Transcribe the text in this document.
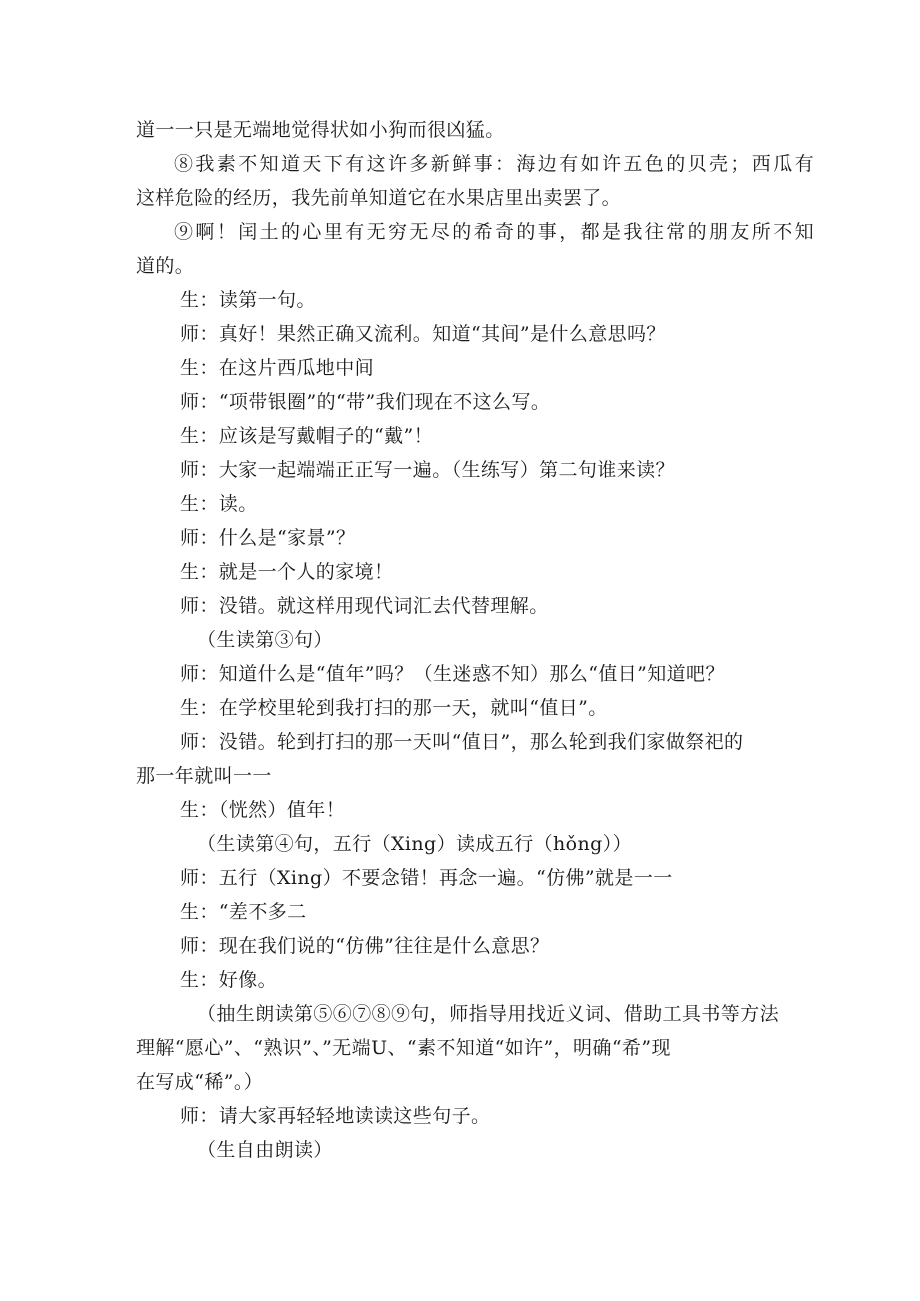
道一一只是无端地觉得状如小狗而很凶猛。
⑧我素不知道天下有这许多新鲜事：海边有如许五色的贝壳；西瓜有
这样危险的经历，我先前单知道它在水果店里出卖罢了。
⑨啊！闰土的心里有无穷无尽的希奇的事，都是我往常的朋友所不知
道的。
生：读第一句。
师：真好！果然正确又流利。知道“其间”是什么意思吗？
生：在这片西瓜地中间
师：“项带银圈”的“带”我们现在不这么写。
生：应该是写戴帽子的“戴”！
师：大家一起端端正正写一遍。（生练写）第二句谁来读？
生：读。
师：什么是“家景”？
生：就是一个人的家境！
师：没错。就这样用现代词汇去代替理解。
（生读第③句）
师：知道什么是“值年”吗？（生迷惑不知）那么“值日”知道吧？
生：在学校里轮到我打扫的那一天，就叫“值日”。
师：没错。轮到打扫的那一天叫“值日”，那么轮到我们家做祭祀的
那一年就叫一一
生：（恍然）值年！
（生读第④句，五行（Xing）读成五行（hǒng））
师：五行（Xing）不要念错！再念一遍。“仿佛”就是一一
生：“差不多二
师：现在我们说的“仿佛”往往是什么意思？
生：好像。
（抽生朗读第⑤⑥⑦⑧⑨句，师指导用找近义词、借助工具书等方法
理解“愿心”、“熟识”、”无端U、“素不知道“如许”，明确“希”现
在写成“稀”。）
师：请大家再轻轻地读读这些句子。
（生自由朗读）
